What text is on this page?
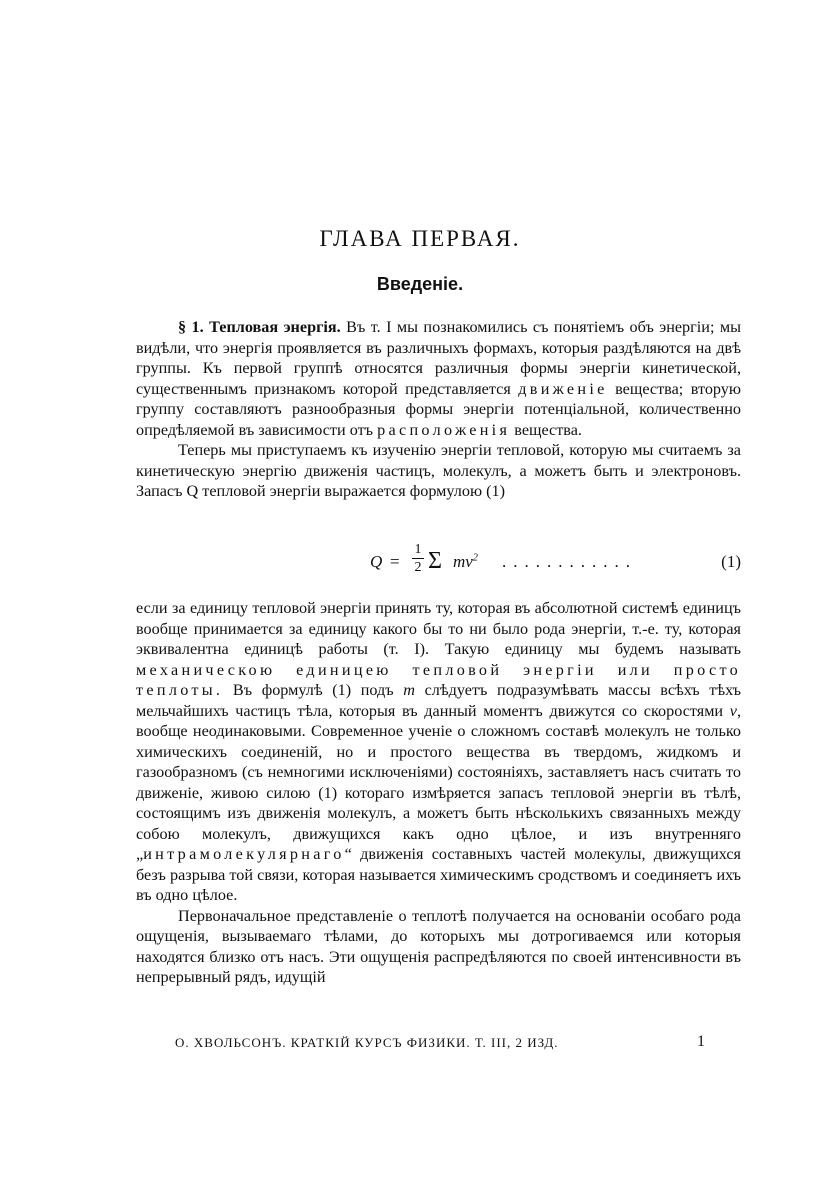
ГЛАВА ПЕРВАЯ.
Введеніе.

§ 1. Тепловая энергія. Въ т. I мы познакомились съ понятіемъ объ энергіи; мы видѣли, что энергія проявляется въ различныхъ формахъ, которыя раздѣляются на двѣ группы. Къ первой группѣ относятся различныя формы энергіи кинетической, существеннымъ признакомъ которой представляется движеніе вещества; вторую группу составляютъ разнообразныя формы энергіи потенціальной, количественно опредѣляемой въ зависимости отъ расположенія вещества.

Теперь мы приступаемъ къ изученію энергіи тепловой, которую мы считаемъ за кинетическую энергію движенія частицъ, молекулъ, а можетъ быть и электроновъ. Запасъ Q тепловой энергіи выражается формулою (1)

Q =
1
2 Σ $mv^2$ ............	(1)

если за единицу тепловой энергіи принять ту, которая въ абсолютной системѣ единицъ вообще принимается за единицу какого бы то ни было рода энергіи, т.-е. ту, которая эквивалентна единицѣ работы (т. I). Такую единицу мы будемъ называть механическою единицею тепловой энергіи или просто теплоты. Въ формулѣ (1) подъ m слѣдуетъ подразумѣвать массы всѣхъ тѣхъ мельчайшихъ частицъ тѣла, которыя въ данный моментъ движутся со скоростями v, вообще неодинаковыми. Современное ученіе о сложномъ составѣ молекулъ не только химическихъ соединеній, но и простого вещества въ твердомъ, жидкомъ и газообразномъ (съ немногими исключеніями) состояніяхъ, заставляетъ насъ считать то движеніе, живою силою (1) котораго измѣряется запасъ тепловой энергіи въ тѣлѣ, состоящимъ изъ движенія молекулъ, а можетъ быть нѣсколькихъ связанныхъ между собою молекулъ, движущихся какъ одно цѣлое, и изъ внутренняго „интрамолекулярнаго“ движенія составныхъ частей молекулы, движущихся безъ разрыва той связи, которая называется химическимъ сродствомъ и соединяетъ ихъ въ одно цѣлое.

Первоначальное представленіе о теплотѣ получается на основаніи особаго рода ощущенія, вызываемаго тѣлами, до которыхъ мы дотрогиваемся или которыя находятся близко отъ насъ. Эти ощущенія распредѣляются по своей интенсивности въ непрерывный рядъ, идущій

О. ХВОЛЬСОНЪ. КРАТКІЙ КУРСЪ ФИЗИКИ. Т. III, 2 ИЗД.	1
